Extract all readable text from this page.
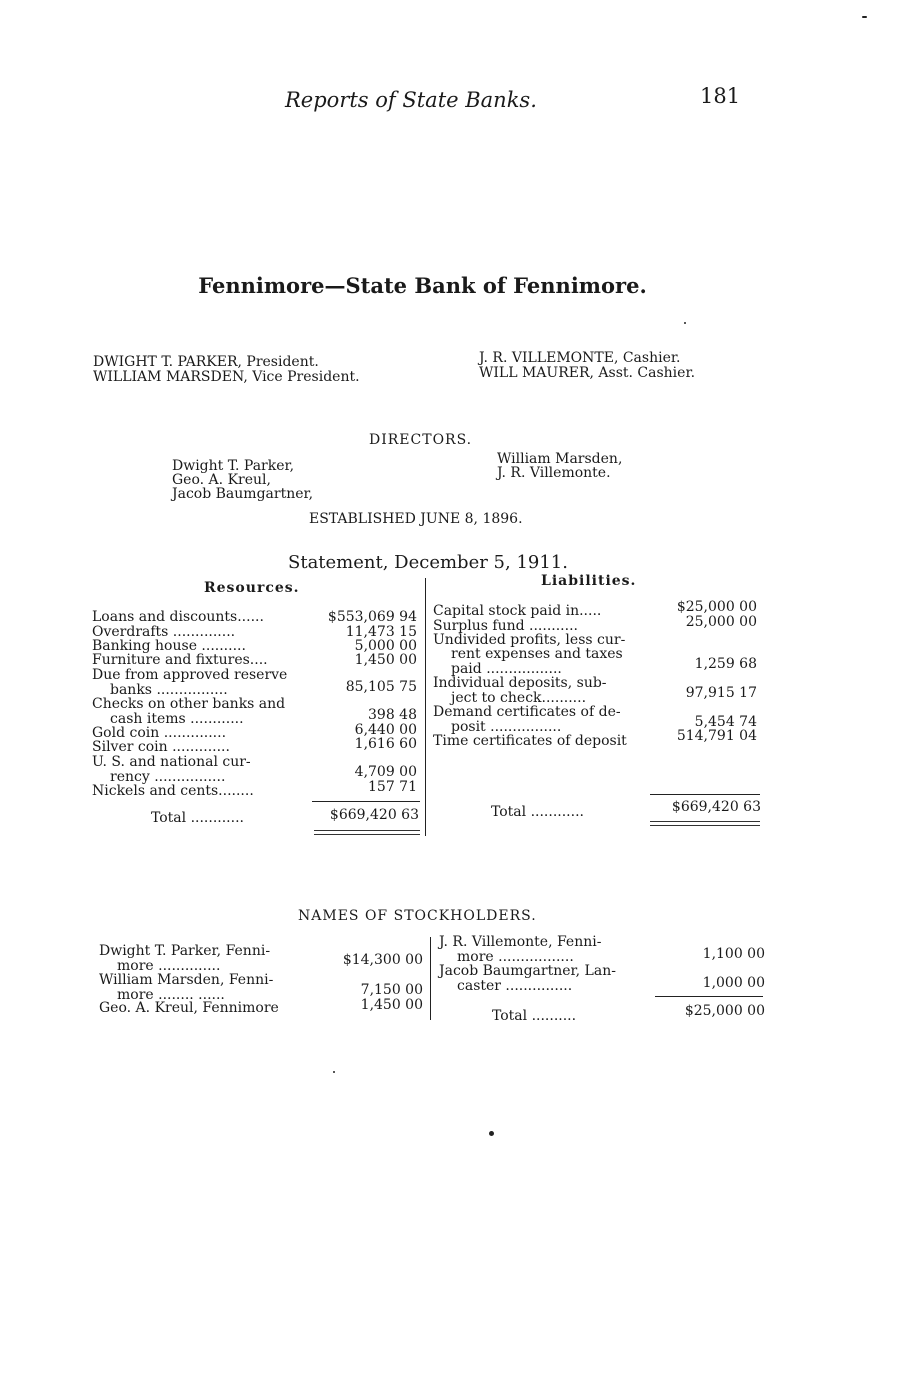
Reports of State Banks.	181
Fennimore—State Bank of Fennimore.
DWIGHT T. PARKER, President.
WILLIAM MARSDEN, Vice President.
J. R. VILLEMONTE, Cashier.
WILL MAURER, Asst. Cashier.
DIRECTORS.
Dwight T. Parker,
Geo. A. Kreul,
Jacob Baumgartner,
William Marsden,
J. R. Villemonte.
ESTABLISHED JUNE 8, 1896.
Statement, December 5, 1911.
Resources.	Liabilities.
Loans and discounts......	$553,069 94
Overdrafts ..............	11,473 15
Banking house ..........	5,000 00
Furniture and fixtures....	1,450 00
Due from approved reserve
banks ................	85,105 75
Checks on other banks and
cash items ............	398 48
Gold coin ..............	6,440 00
Silver coin .............	1,616 60
U. S. and national cur-
rency ................	4,709 00
Nickels and cents........	157 71
Total ............	$669,420 63
Capital stock paid in.....	$25,000 00
Surplus fund ...........	25,000 00
Undivided profits, less cur-
rent expenses and taxes
paid .................	1,259 68
Individual deposits, sub-
ject to check..........	97,915 17
Demand certificates of de-
posit ................	5,454 74
Time certificates of deposit	514,791 04
Total ............	$669,420 63
NAMES OF STOCKHOLDERS.
Dwight T. Parker, Fenni-
more ..............	$14,300 00
William Marsden, Fenni-
more ........ ......	7,150 00
Geo. A. Kreul, Fennimore	1,450 00
J. R. Villemonte, Fenni-
more .................	1,100 00
Jacob Baumgartner, Lan-
caster ...............	1,000 00
Total ..........	$25,000 00
